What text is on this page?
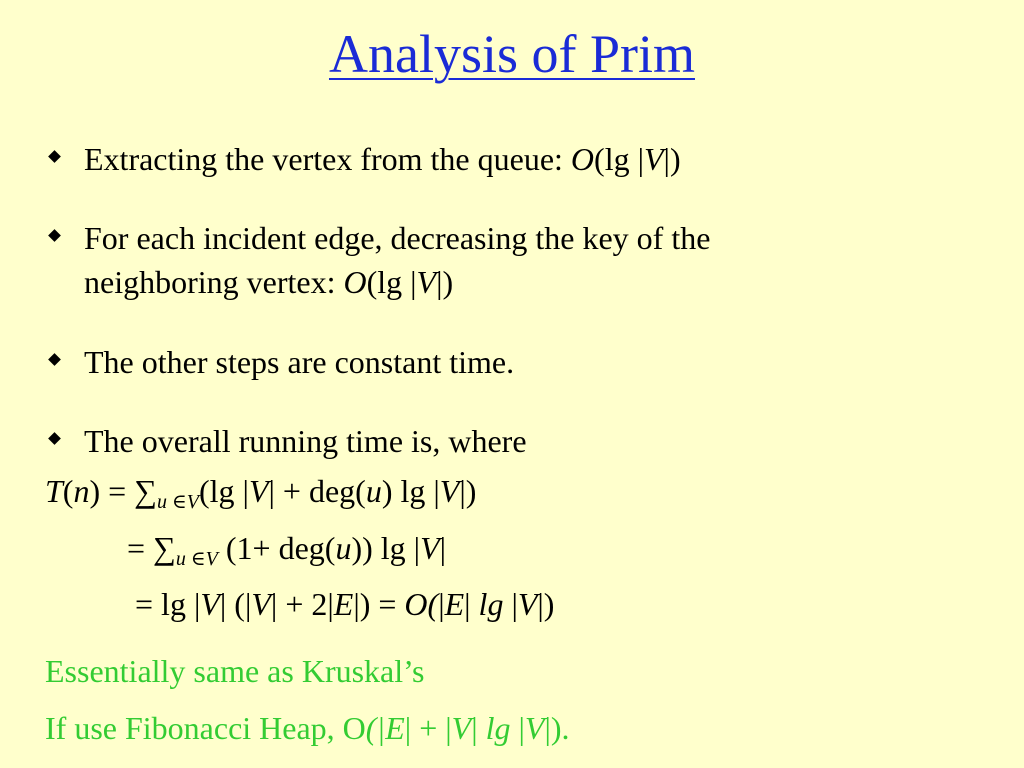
Analysis of Prim
Extracting the vertex from the queue: O(lg |V|)
For each incident edge, decreasing the key of the
neighboring vertex: O(lg |V|)
The other steps are constant time.
The overall running time is, where
$T(n) = \sum_{u \in V}(\lg$ |V| + deg(u) lg |V|)
= $\sum_{u \in V}$ (1+ deg(u)) lg |V|
= lg |V| (|V| + 2|E|) = O(|E| lg |V|)
Essentially same as Kruskal’s
If use Fibonacci Heap, O(|E| + |V| lg |V|).
